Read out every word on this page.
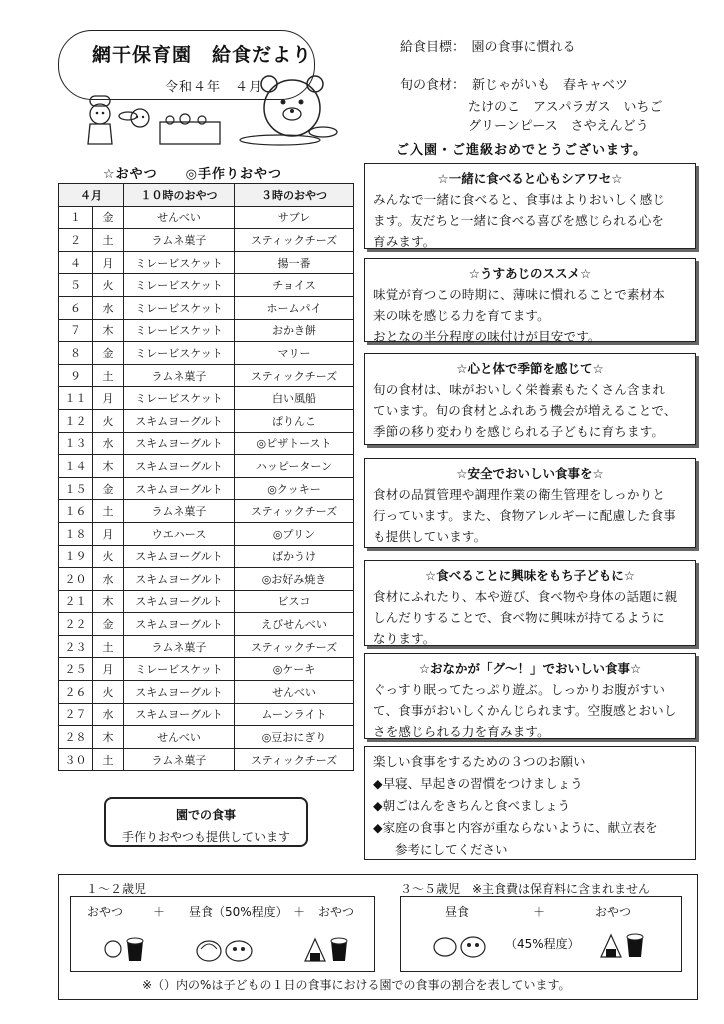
網干保育園　給食だより
令和４年　４月
給食目標：　園の食事に慣れる
旬の食材： 新じゃがいも　春キャベツ
たけのこ　アスパラガス　いちご
グリーンピース　さやえんどう
ご入園・ご進級おめでとうございます。
☆おやつ　　◎手作りおやつ
４月		１０時のおやつ	３時のおやつ
１	金	せんべい	サブレ
２	土	ラムネ菓子	スティックチーズ
４	月	ミレービスケット	揚一番
５	火	ミレービスケット	チョイス
６	水	ミレービスケット	ホームパイ
７	木	ミレービスケット	おかき餅
８	金	ミレービスケット	マリー
９	土	ラムネ菓子	スティックチーズ
１１	月	ミレービスケット	白い風船
１２	火	スキムヨーグルト	ぱりんこ
１３	水	スキムヨーグルト	◎ピザトースト
１４	木	スキムヨーグルト	ハッピーターン
１５	金	スキムヨーグルト	◎クッキー
１６	土	ラムネ菓子	スティックチーズ
１８	月	ウエハース	◎プリン
１９	火	スキムヨーグルト	ばかうけ
２０	水	スキムヨーグルト	◎お好み焼き
２１	木	スキムヨーグルト	ビスコ
２２	金	スキムヨーグルト	えびせんべい
２３	土	ラムネ菓子	スティックチーズ
２５	月	ミレービスケット	◎ケーキ
２６	火	スキムヨーグルト	せんべい
２７	水	スキムヨーグルト	ムーンライト
２８	木	せんべい	◎豆おにぎり
３０	土	ラムネ菓子	スティックチーズ
園での食事
手作りおやつも提供しています
☆一緒に食べると心もシアワセ☆
みんなで一緒に食べると、食事はよりおいしく感じ
ます。友だちと一緒に食べる喜びを感じられる心を
育みます。
☆うすあじのススメ☆
味覚が育つこの時期に、薄味に慣れることで素材本
来の味を感じる力を育てます。
おとなの半分程度の味付けが目安です。
☆心と体で季節を感じて☆
旬の食材は、味がおいしく栄養素もたくさん含まれ
ています。旬の食材とふれあう機会が増えることで、
季節の移り変わりを感じられる子どもに育ちます。
☆安全でおいしい食事を☆
食材の品質管理や調理作業の衛生管理をしっかりと
行っています。また、食物アレルギーに配慮した食事
も提供しています。
☆食べることに興味をもち子どもに☆
食材にふれたり、本や遊び、食べ物や身体の話題に親
しんだりすることで、食べ物に興味が持てるように
なります。
☆おなかが「グ～！」でおいしい食事☆
ぐっすり眠ってたっぷり遊ぶ。しっかりお腹がすい
て、食事がおいしくかんじられます。空腹感とおいし
さを感じられる力を育みます。
楽しい食事をするための３つのお願い
◆早寝、早起きの習慣をつけましょう
◆朝ごはんをきちんと食べましょう
◆家庭の食事と内容が重ならないように、献立表を
参考にしてください
１～２歳児	３～５歳児　※主食費は保育料に含まれません
おやつ ＋ 昼食（50%程度） ＋ おやつ	昼食	＋	おやつ
（45%程度）
※（）内の%は子どもの１日の食事における園での食事の割合を表しています。
